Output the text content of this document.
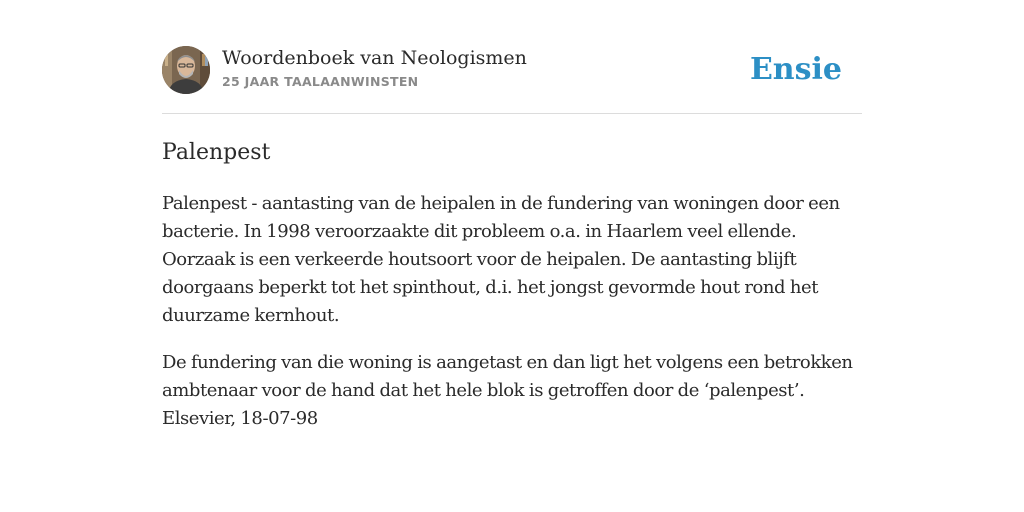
Woordenboek van Neologismen
25 JAAR TAALAANWINSTEN	Ensie
Palenpest

Palenpest - aantasting van de heipalen in de fundering van woningen door een bacterie. In 1998 veroorzaakte dit probleem o.a. in Haarlem veel ellende. Oorzaak is een verkeerde houtsoort voor de heipalen. De aantasting blijft doorgaans beperkt tot het spinthout, d.i. het jongst gevormde hout rond het duurzame kernhout.

De fundering van die woning is aangetast en dan ligt het volgens een betrokken ambtenaar voor de hand dat het hele blok is getroffen door de ‘palenpest’.
Elsevier, 18-07-98
